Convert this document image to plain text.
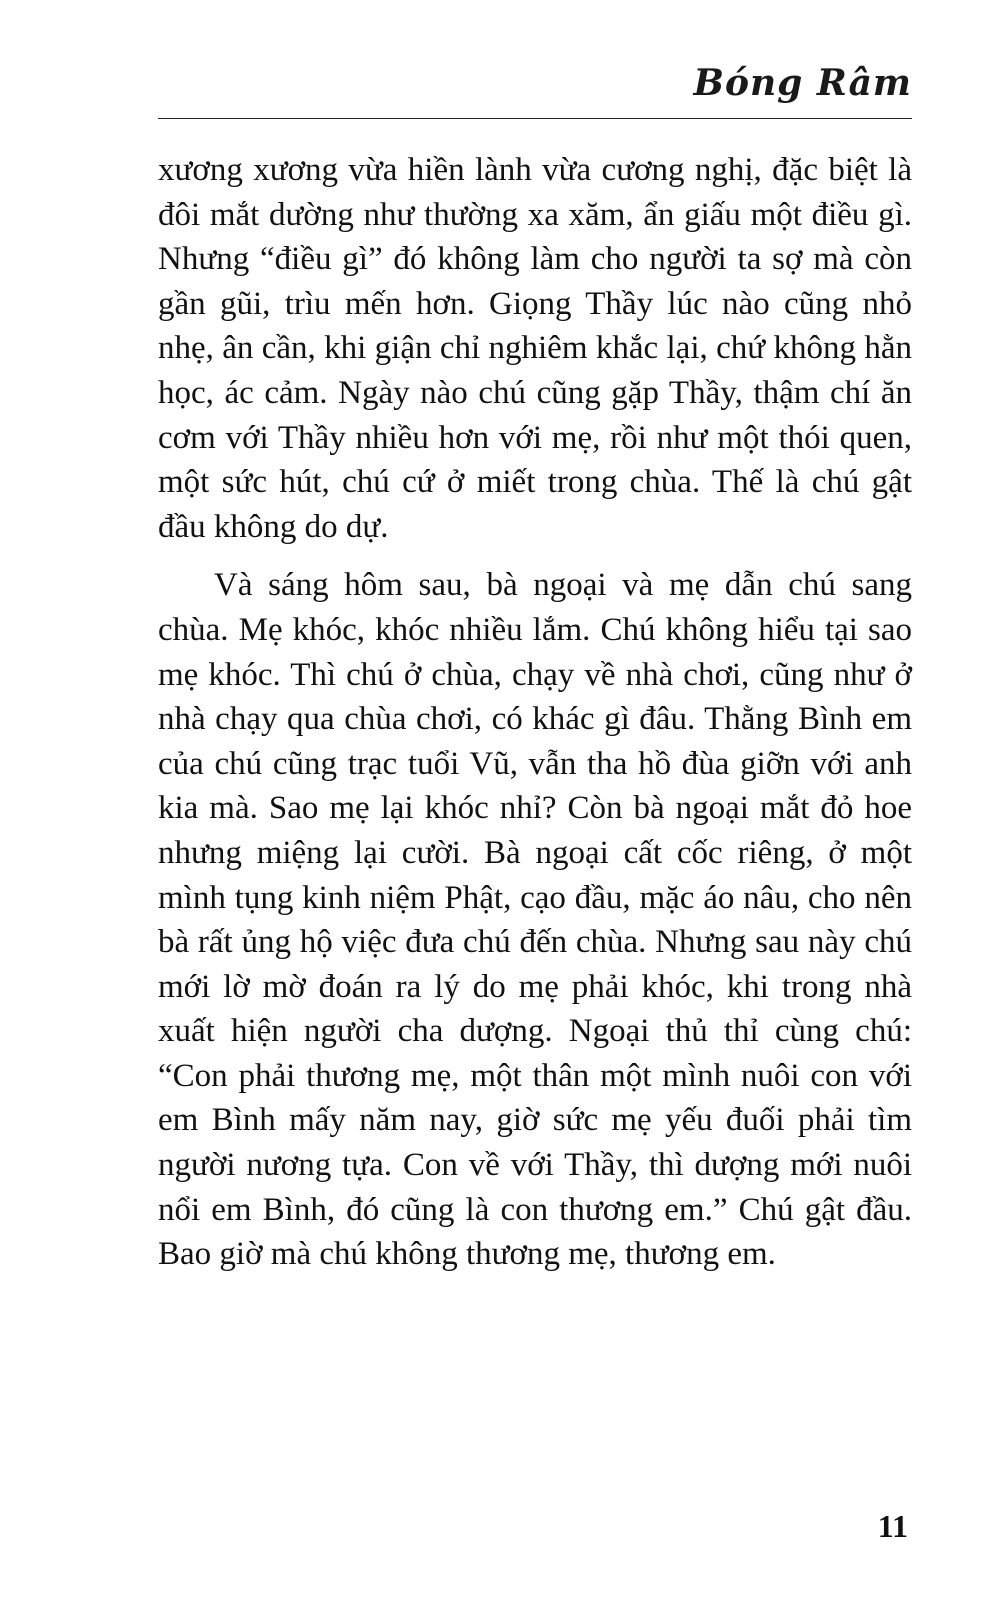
Bóng Râm

xương xương vừa hiền lành vừa cương nghị, đặc biệt là đôi mắt dường như thường xa xăm, ẩn giấu một điều gì. Nhưng “điều gì” đó không làm cho người ta sợ mà còn gần gũi, trìu mến hơn. Giọng Thầy lúc nào cũng nhỏ nhẹ, ân cần, khi giận chỉ nghiêm khắc lại, chứ không hằn học, ác cảm. Ngày nào chú cũng gặp Thầy, thậm chí ăn cơm với Thầy nhiều hơn với mẹ, rồi như một thói quen, một sức hút, chú cứ ở miết trong chùa. Thế là chú gật đầu không do dự.

Và sáng hôm sau, bà ngoại và mẹ dẫn chú sang chùa. Mẹ khóc, khóc nhiều lắm. Chú không hiểu tại sao mẹ khóc. Thì chú ở chùa, chạy về nhà chơi, cũng như ở nhà chạy qua chùa chơi, có khác gì đâu. Thằng Bình em của chú cũng trạc tuổi Vũ, vẫn tha hồ đùa giỡn với anh kia mà. Sao mẹ lại khóc nhỉ? Còn bà ngoại mắt đỏ hoe nhưng miệng lại cười. Bà ngoại cất cốc riêng, ở một mình tụng kinh niệm Phật, cạo đầu, mặc áo nâu, cho nên bà rất ủng hộ việc đưa chú đến chùa. Nhưng sau này chú mới lờ mờ đoán ra lý do mẹ phải khóc, khi trong nhà xuất hiện người cha dượng. Ngoại thủ thỉ cùng chú: “Con phải thương mẹ, một thân một mình nuôi con với em Bình mấy năm nay, giờ sức mẹ yếu đuối phải tìm người nương tựa. Con về với Thầy, thì dượng mới nuôi nổi em Bình, đó cũng là con thương em.” Chú gật đầu. Bao giờ mà chú không thương mẹ, thương em.

11
